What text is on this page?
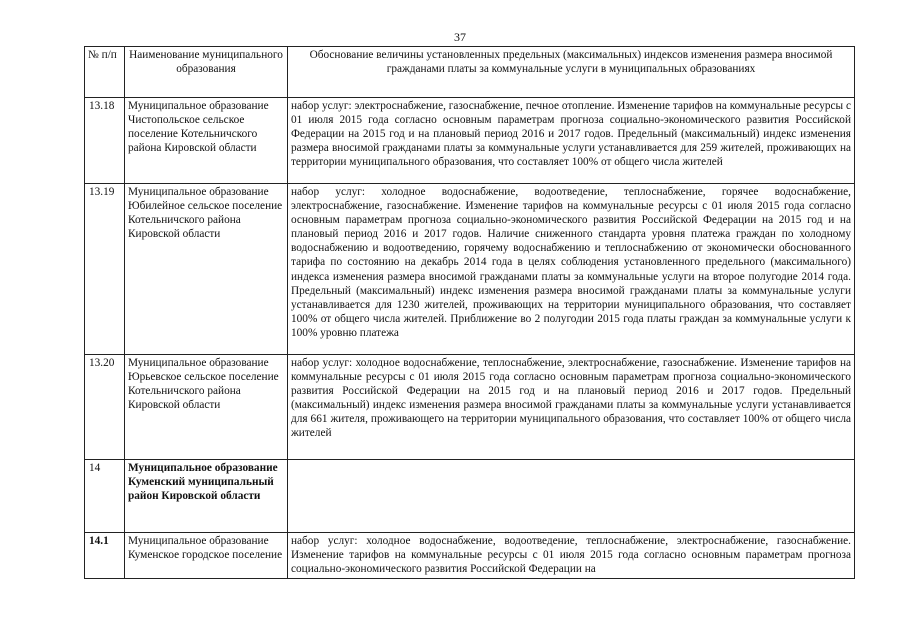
37
№ п/п	Наименование муниципального образования	Обоснование величины установленных предельных (максимальных) индексов изменения размера вносимой гражданами платы за коммунальные услуги в муниципальных образованиях
13.18	Муниципальное образование Чистопольское сельское поселение Котельничского района Кировской области	набор услуг: электроснабжение, газоснабжение, печное отопление. Изменение тарифов на коммунальные ресурсы с 01 июля 2015 года согласно основным параметрам прогноза социально-экономического развития Российской Федерации на 2015 год и на плановый период 2016 и 2017 годов. Предельный (максимальный) индекс изменения размера вносимой гражданами платы за коммунальные услуги устанавливается для 259 жителей, проживающих на территории муниципального образования, что составляет 100% от общего числа жителей
13.19	Муниципальное образование Юбилейное сельское поселение Котельничского района Кировской области	набор услуг: холодное водоснабжение, водоотведение, теплоснабжение, горячее водоснабжение, электроснабжение, газоснабжение. Изменение тарифов на коммунальные ресурсы с 01 июля 2015 года согласно основным параметрам прогноза социально-экономического развития Российской Федерации на 2015 год и на плановый период 2016 и 2017 годов. Наличие сниженного стандарта уровня платежа граждан по холодному водоснабжению и водоотведению, горячему водоснабжению и теплоснабжению от экономически обоснованного тарифа по состоянию на декабрь 2014 года в целях соблюдения установленного предельного (максимального) индекса изменения размера вносимой гражданами платы за коммунальные услуги на второе полугодие 2014 года. Предельный (максимальный) индекс изменения размера вносимой гражданами платы за коммунальные услуги устанавливается для 1230 жителей, проживающих на территории муниципального образования, что составляет 100% от общего числа жителей. Приближение во 2 полугодии 2015 года платы граждан за коммунальные услуги к 100% уровню платежа
13.20	Муниципальное образование Юрьевское сельское поселение Котельничского района Кировской области	набор услуг: холодное водоснабжение, теплоснабжение, электроснабжение, газоснабжение. Изменение тарифов на коммунальные ресурсы с 01 июля 2015 года согласно основным параметрам прогноза социально-экономического развития Российской Федерации на 2015 год и на плановый период 2016 и 2017 годов. Предельный (максимальный) индекс изменения размера вносимой гражданами платы за коммунальные услуги устанавливается для 661 жителя, проживающего на территории муниципального образования, что составляет 100% от общего числа жителей
14	Муниципальное образование Куменский муниципальный район Кировской области	
14.1	Муниципальное образование Куменское городское поселение	набор услуг: холодное водоснабжение, водоотведение, теплоснабжение, электроснабжение, газоснабжение. Изменение тарифов на коммунальные ресурсы с 01 июля 2015 года согласно основным параметрам прогноза социально-экономического развития Российской Федерации на
